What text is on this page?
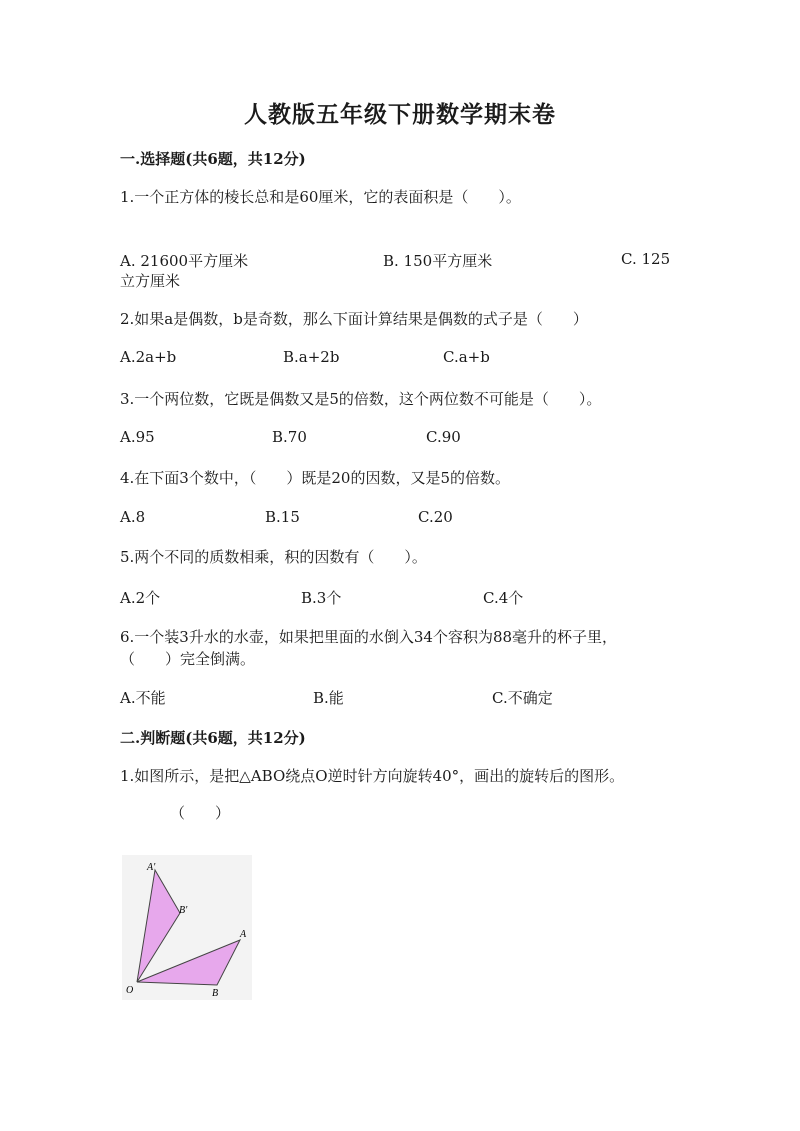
人教版五年级下册数学期末卷
一.选择题(共6题，共12分)
1.一个正方体的棱长总和是60厘米，它的表面积是（　　）。
A. 21600平方厘米	B. 150平方厘米	C. 125
立方厘米
2.如果a是偶数，b是奇数，那么下面计算结果是偶数的式子是（　　）
A.2a+b	B.a+2b	C.a+b
3.一个两位数，它既是偶数又是5的倍数，这个两位数不可能是（　　）。
A.95	B.70	C.90
4.在下面3个数中，（　　）既是20的因数，又是5的倍数。
A.8	B.15	C.20
5.两个不同的质数相乘，积的因数有（　　）。
A.2个	B.3个	C.4个
6.一个装3升水的水壶，如果把里面的水倒入34个容积为88毫升的杯子里，
（　　）完全倒满。
A.不能	B.能	C.不确定
二.判断题(共6题，共12分)
1.如图所示，是把△ABO绕点O逆时针方向旋转40°，画出的旋转后的图形。
（　　）
A'
B'
A
O	B
